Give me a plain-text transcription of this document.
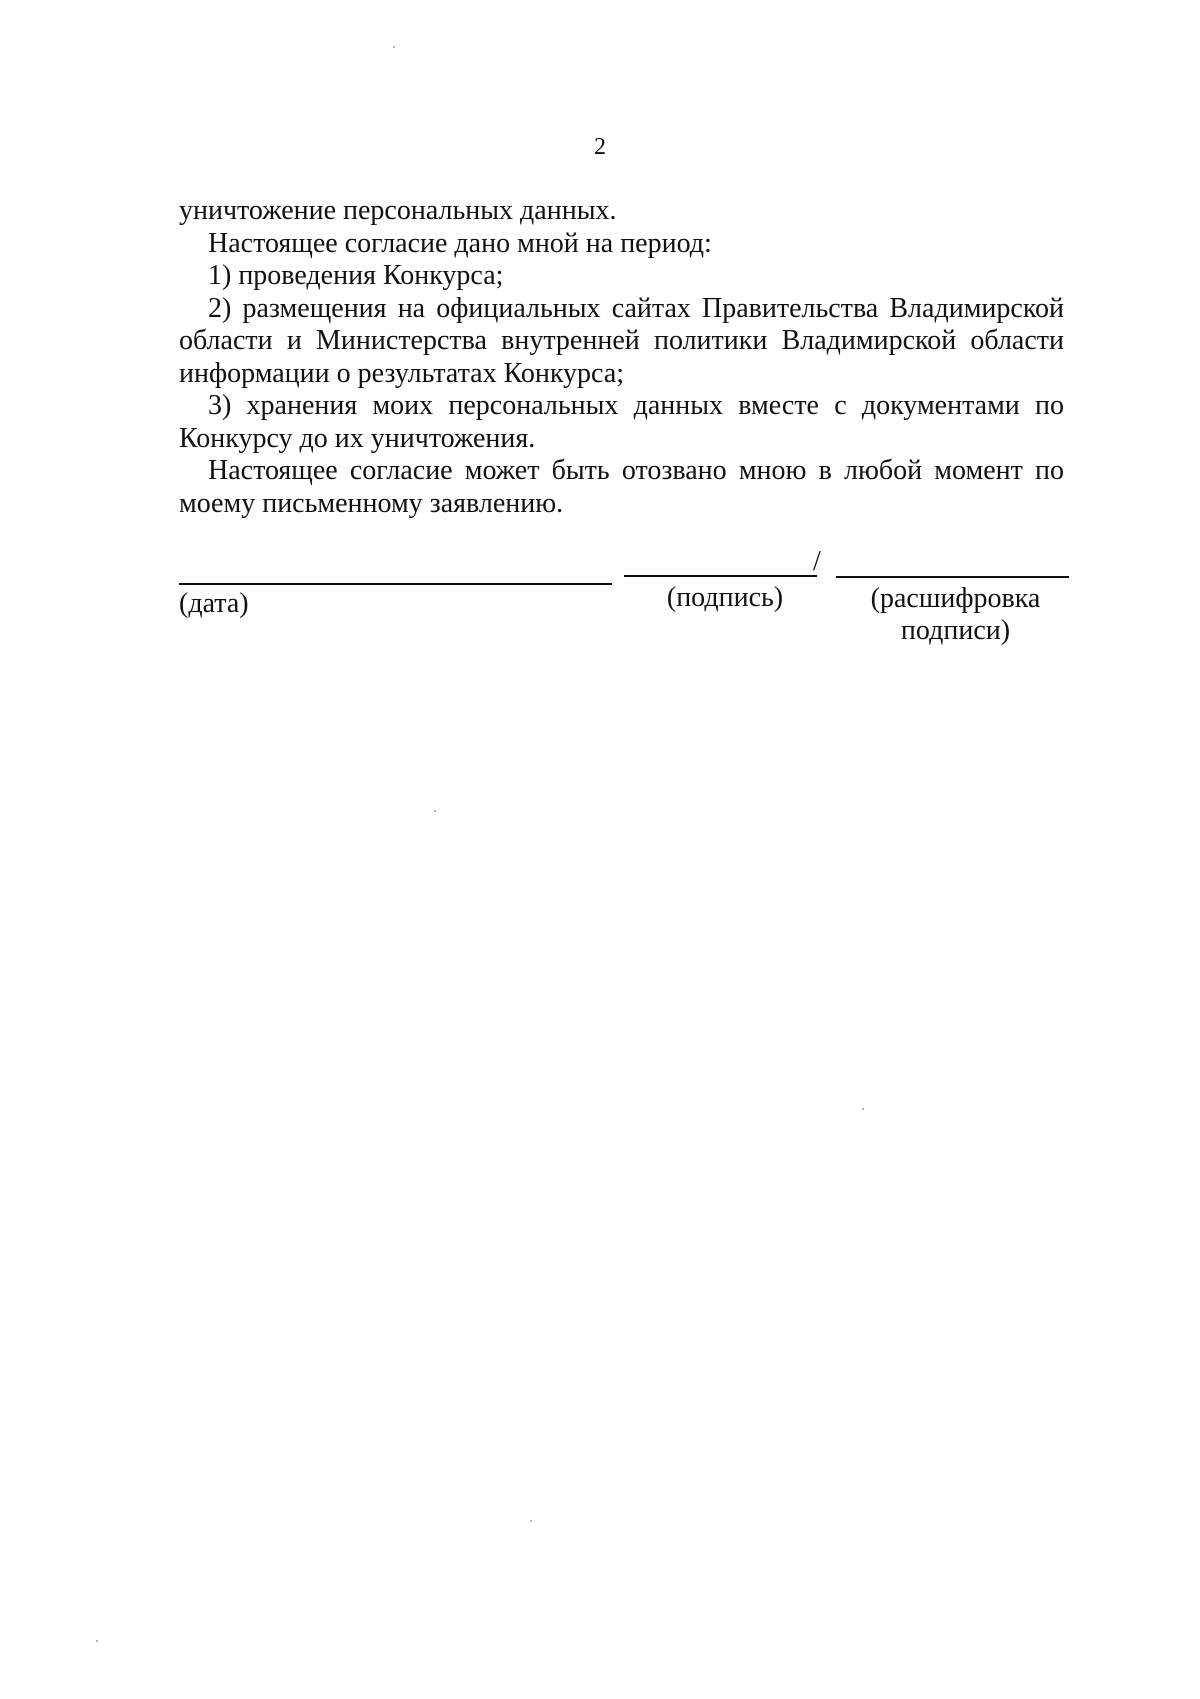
2

уничтожение персональных данных.

Настоящее согласие дано мной на период:

1) проведения Конкурса;

2) размещения на официальных сайтах Правительства Владимирской области и Министерства внутренней политики Владимирской области информации о результатах Конкурса;

3) хранения моих персональных данных вместе с документами по Конкурсу до их уничтожения.

Настоящее согласие может быть отозвано мною в любой момент по моему письменному заявлению.

/
(дата)	(подпись)	(расшифровка
подписи)
